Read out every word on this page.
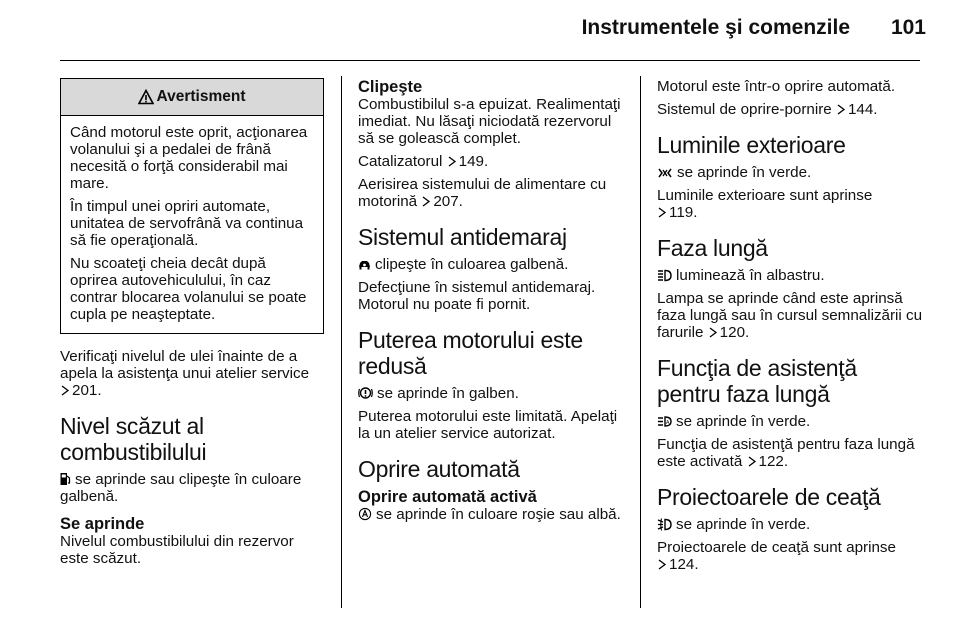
Instrumentele şi comenzile 101
Avertisment

Când motorul este oprit, acţionarea volanului şi a pedalei de frână necesită o forţă considerabil mai mare.

În timpul unei opriri automate, unitatea de servofrână va continua să fie operaţională.

Nu scoateţi cheia decât după oprirea autovehiculului, în caz contrar blocarea volanului se poate cupla pe neaşteptate.

Verificaţi nivelul de ulei înainte de a apela la asistenţa unui atelier service 201.

Nivel scăzut al combustibilului

se aprinde sau clipeşte în culoare galbenă.

Se aprinde

Nivelul combustibilului din rezervor este scăzut.

Clipeşte

Combustibilul s-a epuizat. Realimentaţi imediat. Nu lăsaţi niciodată rezervorul să se golească complet.

Catalizatorul 149.

Aerisirea sistemului de alimentare cu motorină 207.

Sistemul antidemaraj

clipeşte în culoarea galbenă.

Defecţiune în sistemul antidemaraj. Motorul nu poate fi pornit.

Puterea motorului este redusă

se aprinde în galben.

Puterea motorului este limitată. Apelaţi la un atelier service autorizat.

Oprire automată
Oprire automată activă

se aprinde în culoare roşie sau albă.

Motorul este într-o oprire automată.

Sistemul de oprire-pornire 144.

Luminile exterioare

se aprinde în verde.

Luminile exterioare sunt aprinse
119.

Faza lungă

luminează în albastru.

Lampa se aprinde când este aprinsă faza lungă sau în cursul semnalizării cu farurile 120.

Funcţia de asistenţă pentru faza lungă

A se aprinde în verde.

Funcţia de asistenţă pentru faza lungă este activată 122.

Proiectoarele de ceaţă

se aprinde în verde.

Proiectoarele de ceaţă sunt aprinse
124.
